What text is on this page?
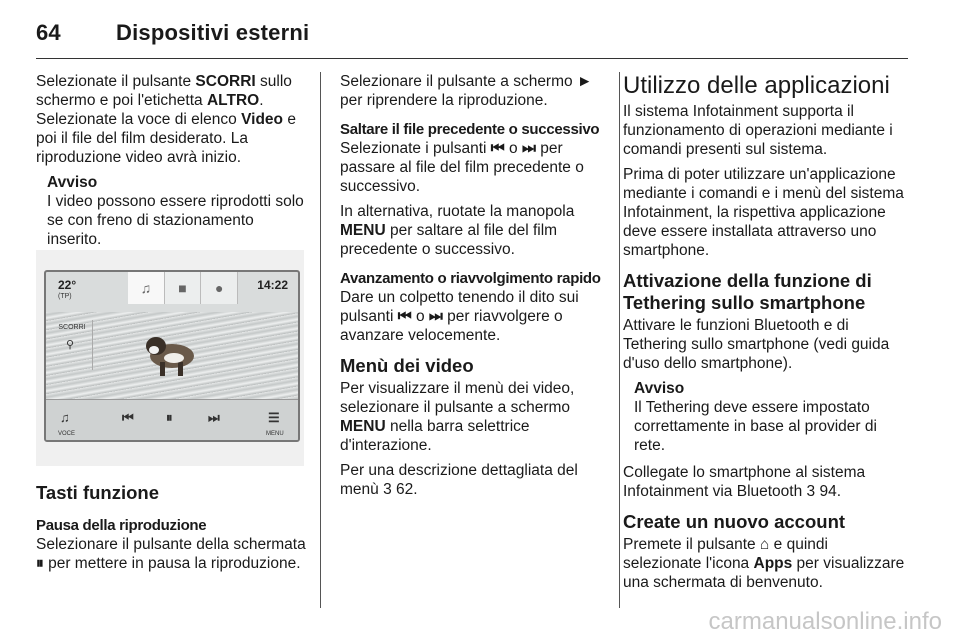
64	Dispositivi esterni

Selezionate il pulsante SCORRI sullo schermo e poi l'etichetta ALTRO. Selezionate la voce di elenco Video e poi il file del film desiderato. La riproduzione video avrà inizio.

Avviso
I video possono essere riprodotti solo se con freno di stazionamento inserito.
♫	■	●
22°
(TP)
14:22
SCORRI
⚲
♫
VOCE
⏮ ⏸	⏭	☰
MENU
Tasti funzione
Pausa della riproduzione

Selezionare il pulsante della schermata ⏸ per mettere in pausa la riproduzione.

Selezionare il pulsante a schermo ► per riprendere la riproduzione.

Saltare il file precedente o successivo

Selezionate i pulsanti ⏮ o ⏭ per passare al file del film precedente o successivo.

In alternativa, ruotate la manopola MENU per saltare al file del film precedente o successivo.

Avanzamento o riavvolgimento rapido

Dare un colpetto tenendo il dito sui pulsanti ⏮ o ⏭ per riavvolgere o avanzare velocemente.

Menù dei video

Per visualizzare il menù dei video, selezionare il pulsante a schermo MENU nella barra selettrice d'interazione.

Per una descrizione dettagliata del menù 3 62.

Utilizzo delle applicazioni

Il sistema Infotainment supporta il funzionamento di operazioni mediante i comandi presenti sul sistema.

Prima di poter utilizzare un'applicazione mediante i comandi e i menù del sistema Infotainment, la rispettiva applicazione deve essere installata attraverso uno smartphone.

Attivazione della funzione di Tethering sullo smartphone

Attivare le funzioni Bluetooth e di Tethering sullo smartphone (vedi guida d'uso dello smartphone).

Avviso
Il Tethering deve essere impostato correttamente in base al provider di rete.

Collegate lo smartphone al sistema Infotainment via Bluetooth 3 94.

Create un nuovo account

Premete il pulsante ⌂ e quindi selezionate l'icona Apps per visualizzare una schermata di benvenuto.

carmanualsonline.info
